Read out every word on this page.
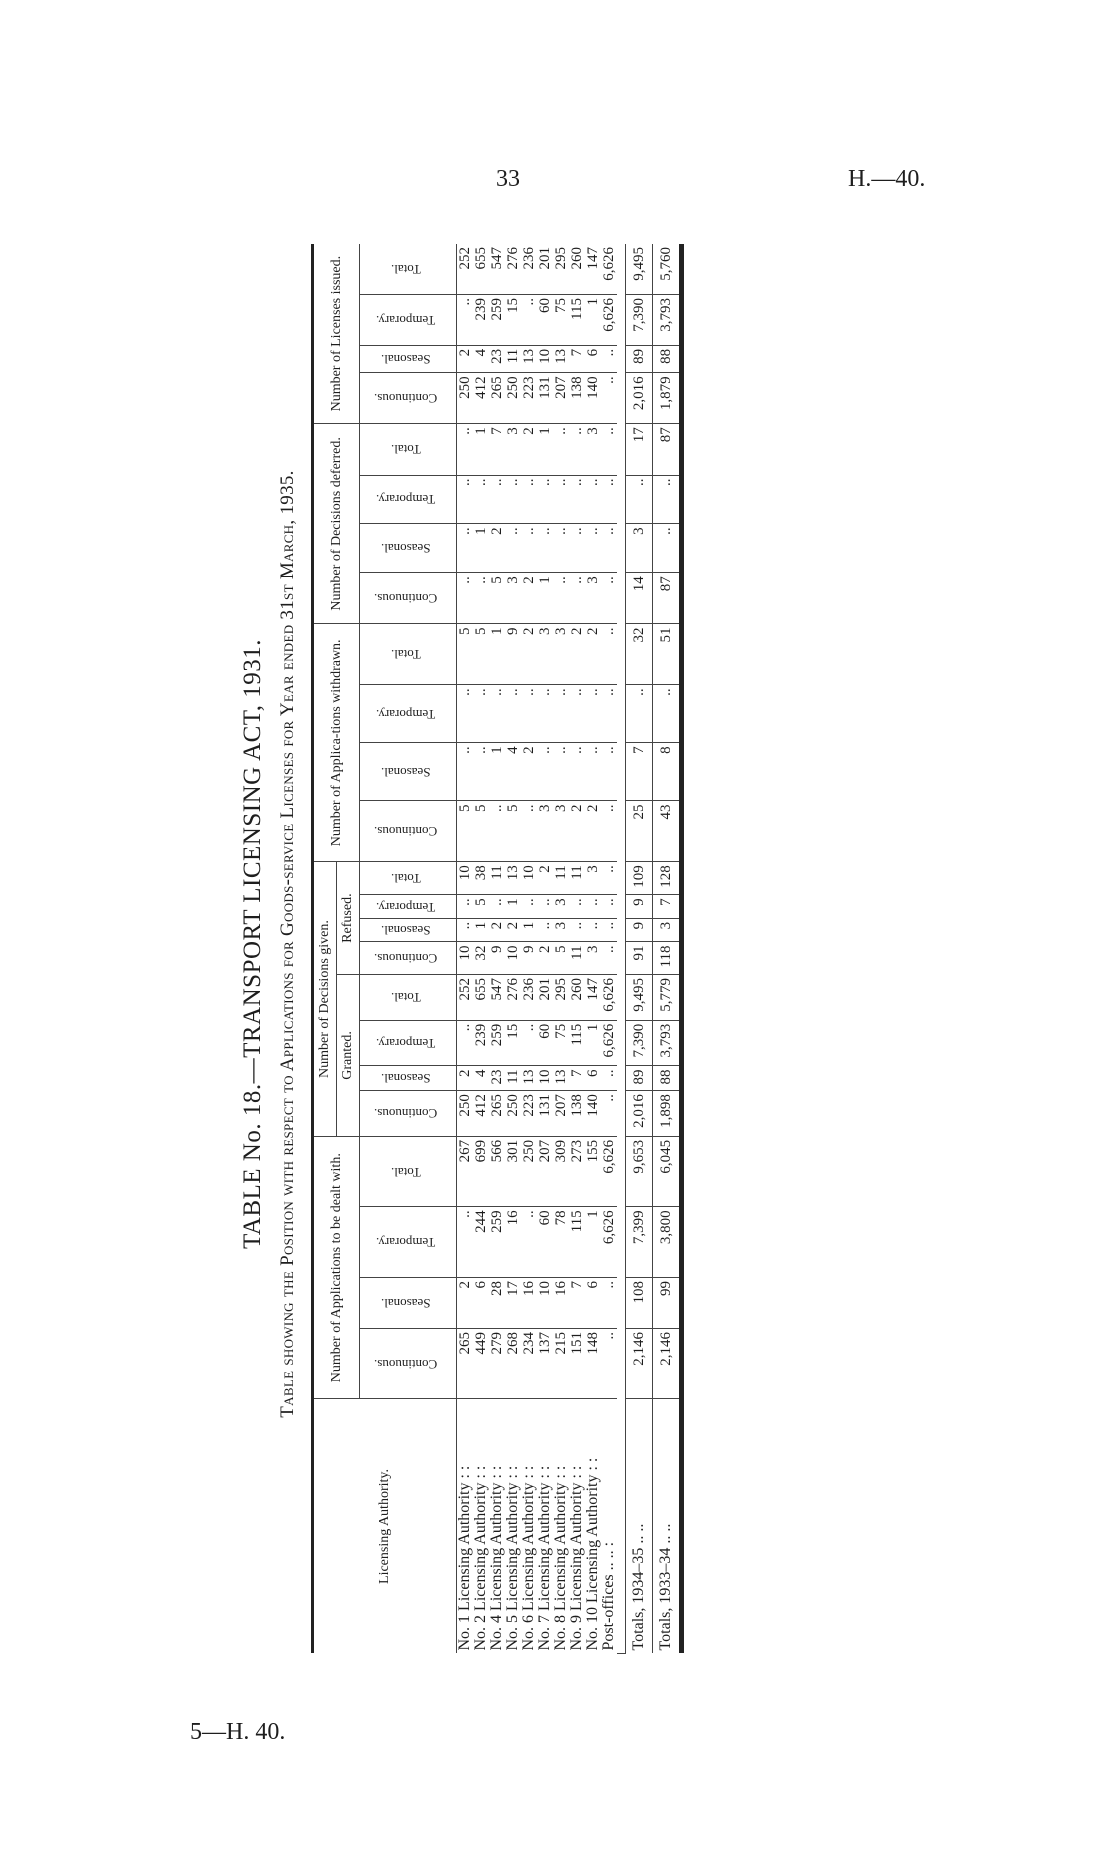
33	H.—40.
5—H. 40.
TABLE No. 18.—TRANSPORT LICENSING ACT, 1931. Table showing the Position with respect to Applications for Goods-service Licenses for Year ended 31st March, 1935.
Licensing Authority.	Number of Applications to be dealt with.				Number of Decisions given.								Number of Applica-tions withdrawn.				Number of Decisions deferred.				Number of Licenses issued.			
					Granted.				Refused.															
	Continuous.	Seasonal.	Temporary.	Total.	Continuous.	Seasonal.	Temporary.	Total.	Continuous.	Seasonal.	Temporary.	Total.	Continuous.	Seasonal.	Temporary.	Total.	Continuous.	Seasonal.	Temporary.	Total.	Continuous.	Seasonal.	Temporary.	Total.
No. 1 Licensing Authority : :	265	2	..	267	250	2	..	252	10	..	..	10	5	..	..	5	..	..	..	..	250	2	..	252
No. 2 Licensing Authority : :	449	6	244	699	412	4	239	655	32	1	5	38	5	..	..	5	..	1	..	1	412	4	239	655
No. 4 Licensing Authority : :	279	28	259	566	265	23	259	547	9	2	..	11	..	1	..	1	5	2	..	7	265	23	259	547
No. 5 Licensing Authority : :	268	17	16	301	250	11	15	276	10	2	1	13	5	4	..	9	3	..	..	3	250	11	15	276
No. 6 Licensing Authority : :	234	16	..	250	223	13	..	236	9	1	..	10	..	2	..	2	2	..	..	2	223	13	..	236
No. 7 Licensing Authority : :	137	10	60	207	131	10	60	201	2	..	..	2	3	..	..	3	1	..	..	1	131	10	60	201
No. 8 Licensing Authority : :	215	16	78	309	207	13	75	295	5	3	3	11	3	..	..	3	..	..	..	..	207	13	75	295
No. 9 Licensing Authority : :	151	7	115	273	138	7	115	260	11	..	..	11	2	..	..	2	..	..	..	..	138	7	115	260
No. 10 Licensing Authority : :	148	6	1	155	140	6	1	147	3	..	..	3	2	..	..	2	3	..	..	3	140	6	1	147
Post-offices .. .. :	..	..	6,626	6,626	..	..	6,626	6,626	..	..	..	..	..	..	..	..	..	..	..	..	..	..	6,626	6,626

Totals, 1934–35 .. ..	2,146	108	7,399	9,653	2,016	89	7,390	9,495	91	9	9	109	25	7	..	32	14	3	..	17	2,016	89	7,390	9,495
Totals, 1933–34 .. ..	2,146	99	3,800	6,045	1,898	88	3,793	5,779	118	3	7	128	43	8	..	51	87	..	..	87	1,879	88	3,793	5,760
